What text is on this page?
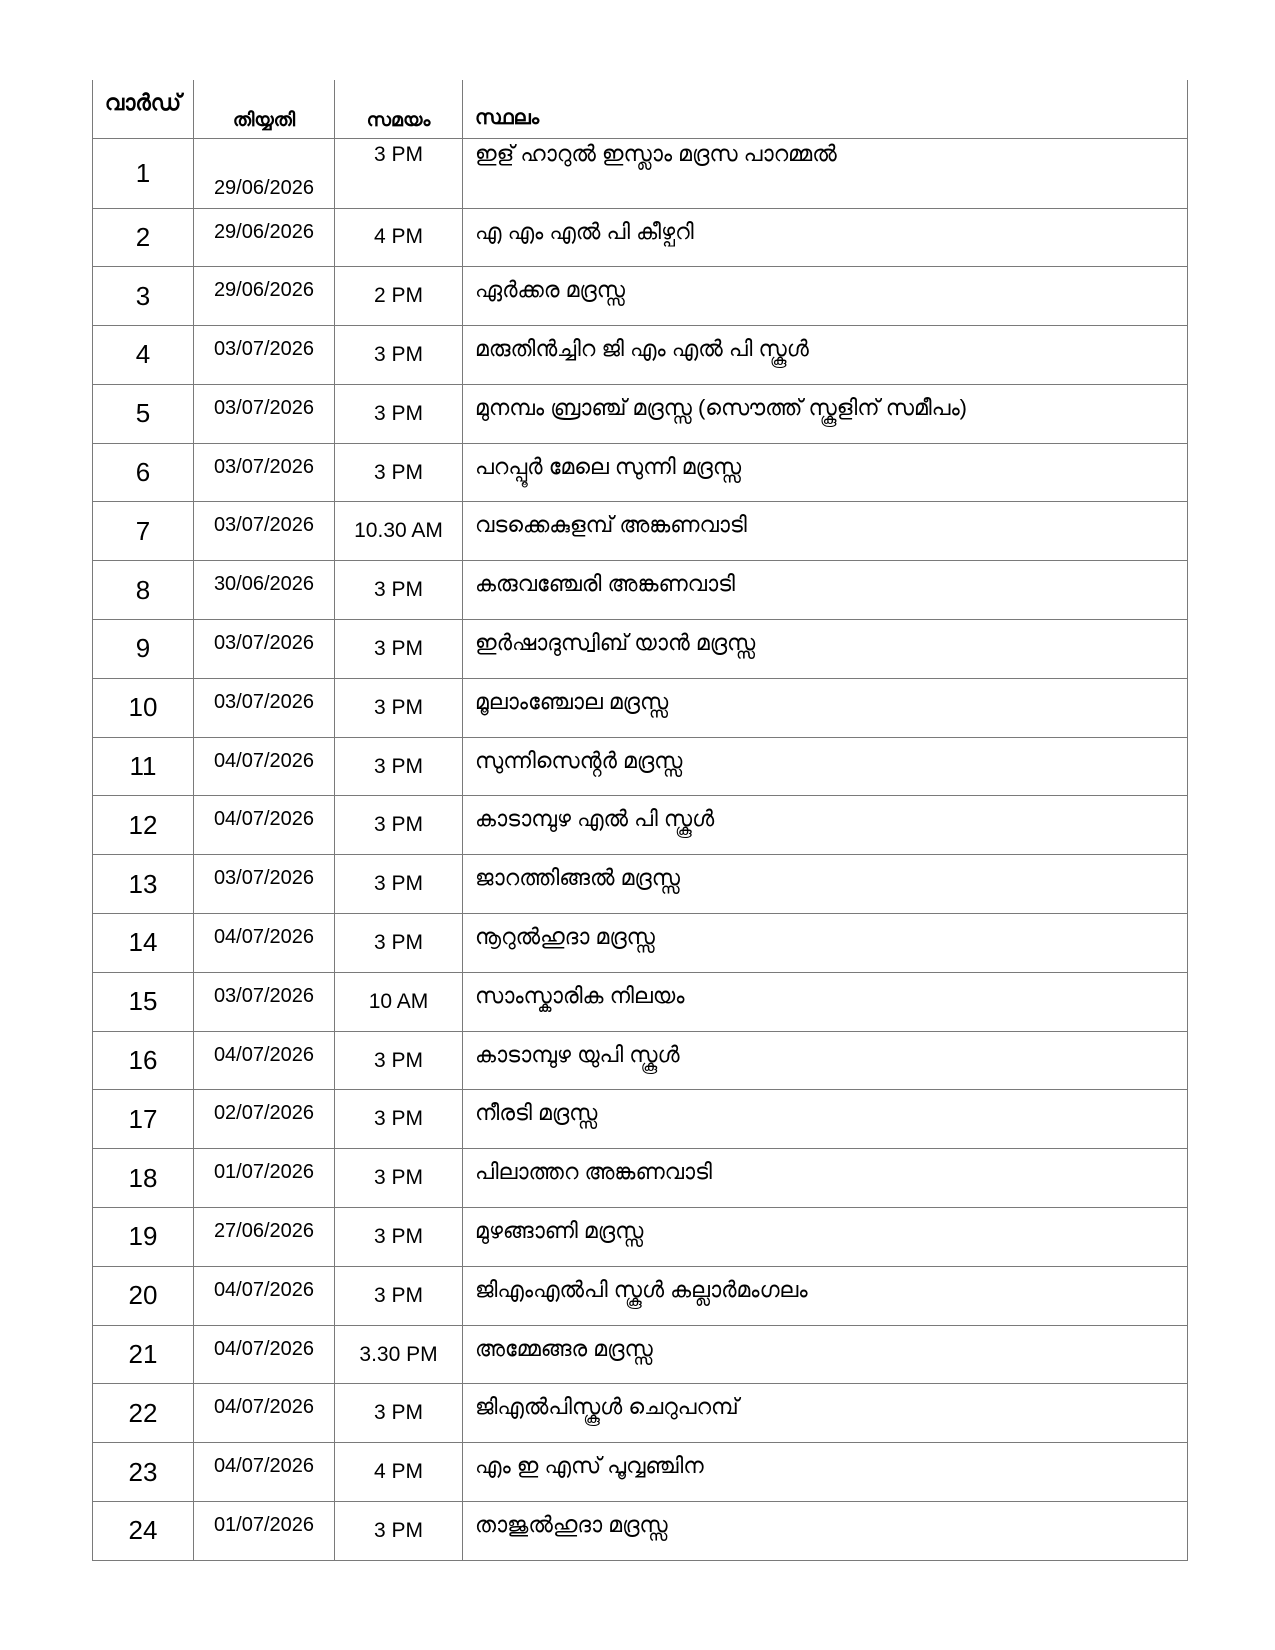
വാർഡ്	തിയ്യതി	സമയം	സ്ഥലം
1	29/06/2026	3 PM	ഇള് ഹാറുൽ ഇസ്ലാം മദ്രസ പാറമ്മൽ
2	29/06/2026	4 PM	എ എം എൽ പി കീഴ്പറി
3	29/06/2026	2 PM	ഏർക്കര മദ്രസ്സ
4	03/07/2026	3 PM	മരുതിൻച്ചിറ ജി എം എൽ പി സ്കൂൾ
5	03/07/2026	3 PM	മുനമ്പം ബ്രാഞ്ച് മദ്രസ്സ (സൌത്ത് സ്കൂളിന് സമീപം)
6	03/07/2026	3 PM	പറപ്പൂർ മേലെ സുന്നി മദ്രസ്സ
7	03/07/2026	10.30 AM	വടക്കെകുളമ്പ് അങ്കണവാടി
8	30/06/2026	3 PM	കരുവഞ്ചേരി അങ്കണവാടി
9	03/07/2026	3 PM	ഇർഷാദുസ്വിബ് യാൻ മദ്രസ്സ
10	03/07/2026	3 PM	മൂലാംഞ്ചോല മദ്രസ്സ
11	04/07/2026	3 PM	സുന്നിസെൻ്റർ മദ്രസ്സ
12	04/07/2026	3 PM	കാടാമ്പുഴ എൽ പി സ്കൂൾ
13	03/07/2026	3 PM	ജാറത്തിങ്ങൽ മദ്രസ്സ
14	04/07/2026	3 PM	നൂറുൽഹുദാ മദ്രസ്സ
15	03/07/2026	10 AM	സാംസ്കാരിക നിലയം
16	04/07/2026	3 PM	കാടാമ്പുഴ യുപി സ്കൂൾ
17	02/07/2026	3 PM	നീരടി മദ്രസ്സ
18	01/07/2026	3 PM	പിലാത്തറ അങ്കണവാടി
19	27/06/2026	3 PM	മുഴങ്ങാണി മദ്രസ്സ
20	04/07/2026	3 PM	ജിഎംഎൽപി സ്കൂൾ കല്ലാർമംഗലം
21	04/07/2026	3.30 PM	അമ്മേങ്ങര മദ്രസ്സ
22	04/07/2026	3 PM	ജിഎൽപിസ്കൂൾ ചെറുപറമ്പ്
23	04/07/2026	4 PM	എം ഇ എസ് പൂവ്വഞ്ചിന
24	01/07/2026	3 PM	താജുൽഹുദാ മദ്രസ്സ
